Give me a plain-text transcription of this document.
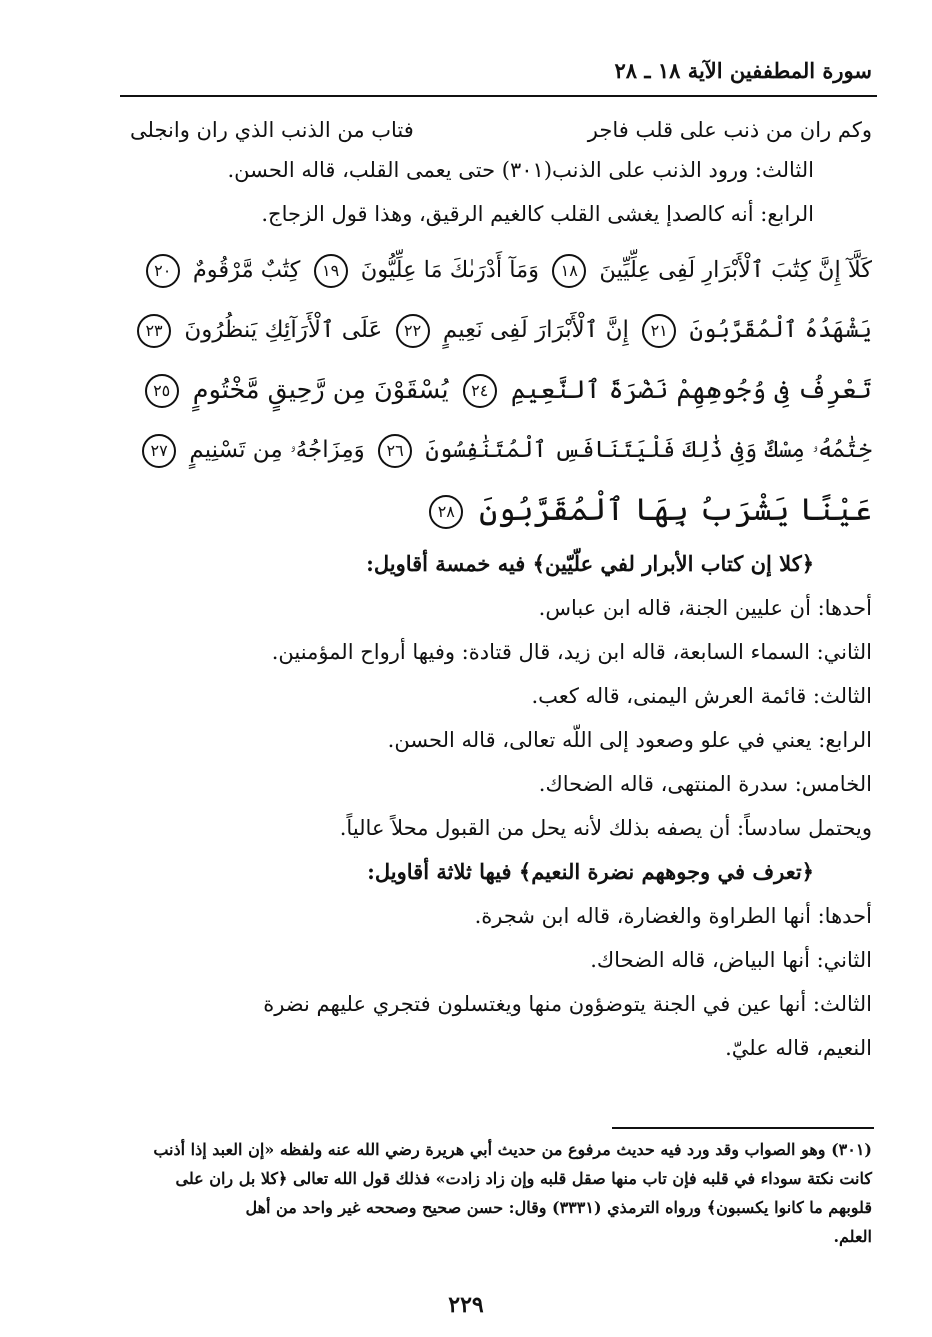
سورة المطففين الآية ١٨ ـ ٢٨
وكم ران من ذنب على قلب فاجر
فتاب من الذنب الذي ران وانجلى

الثالث: ورود الذنب على الذنب(٣٠١) حتى يعمى القلب، قاله الحسن.

الرابع: أنه كالصدإ يغشى القلب كالغيم الرقيق، وهذا قول الزجاج.

كَلَّآ إِنَّ كِتَٰبَ ٱلْأَبْرَارِ لَفِى عِلِّيِّينَ ١٨ وَمَآ أَدْرَىٰكَ مَا عِلِّيُّونَ ١٩ كِتَٰبٌ مَّرْقُومٌ ٢٠

يَشْهَدُهُ ٱلْمُقَرَّبُونَ ٢١ إِنَّ ٱلْأَبْرَارَ لَفِى نَعِيمٍ ٢٢ عَلَى ٱلْأَرَآئِكِ يَنظُرُونَ ٢٣

تَعْرِفُ فِى وُجُوهِهِمْ نَضْرَةَ ٱلنَّعِيمِ ٢٤ يُسْقَوْنَ مِن رَّحِيقٍ مَّخْتُومٍ ٢٥

خِتَٰمُهُۥ مِسْكٌ وَفِى ذَٰلِكَ فَلْيَتَنَافَسِ ٱلْمُتَنَٰفِسُونَ ٢٦ وَمِزَاجُهُۥ مِن تَسْنِيمٍ ٢٧

عَيْنًا يَشْرَبُ بِهَا ٱلْمُقَرَّبُونَ ٢٨

﴿كلا إن كتاب الأبرار لفي علّيّين﴾ فيه خمسة أقاويل:

أحدها: أن عليين الجنة، قاله ابن عباس.

الثاني: السماء السابعة، قاله ابن زيد، قال قتادة: وفيها أرواح المؤمنين.

الثالث: قائمة العرش اليمنى، قاله كعب.

الرابع: يعني في علو وصعود إلى اللّه تعالى، قاله الحسن.

الخامس: سدرة المنتهى، قاله الضحاك.

ويحتمل سادساً: أن يصفه بذلك لأنه يحل من القبول محلاً عالياً.

﴿تعرف في وجوههم نضرة النعيم﴾ فيها ثلاثة أقاويل:

أحدها: أنها الطراوة والغضارة، قاله ابن شجرة.

الثاني: أنها البياض، قاله الضحاك.

الثالث: أنها عين في الجنة يتوضؤون منها ويغتسلون فتجري عليهم نضرة

النعيم، قاله عليّ.

(٣٠١) وهو الصواب وقد ورد فيه حديث مرفوع من حديث أبي هريرة رضي الله عنه ولفظه «إن العبد إذا أذنب

كانت نكتة سوداء في قلبه فإن تاب منها صقل قلبه وإن زاد زادت» فذلك قول الله تعالى ﴿كلا بل ران على

قلوبهم ما كانوا يكسبون﴾ ورواه الترمذي (٣٣٣١) وقال: حسن صحيح وصححه غير واحد من أهل

العلم.

٢٢٩
